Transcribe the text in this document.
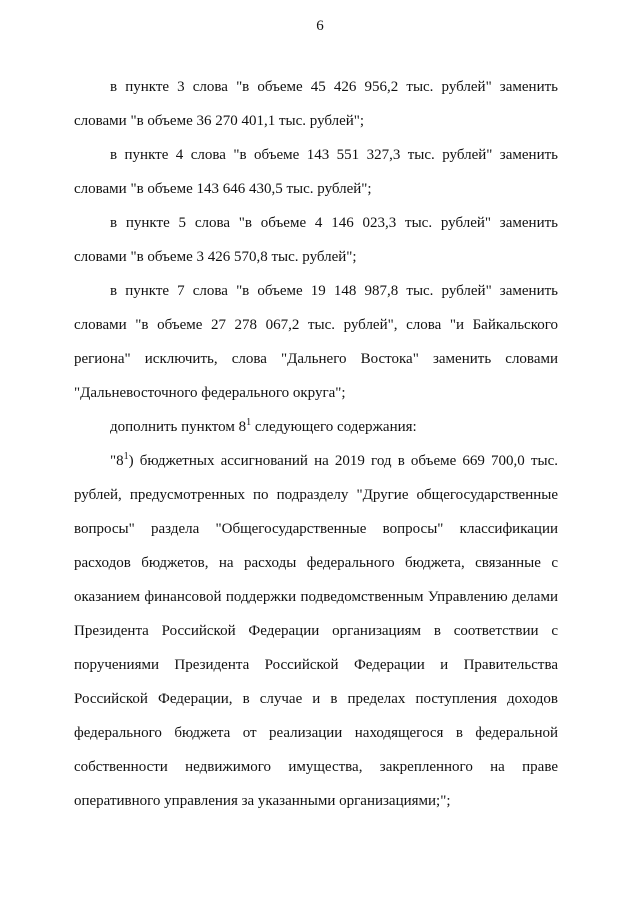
6
в пункте 3 слова "в объеме 45 426 956,2 тыс. рублей" заменить
словами "в объеме 36 270 401,1 тыс. рублей";
в пункте 4 слова "в объеме 143 551 327,3 тыс. рублей" заменить
словами "в объеме 143 646 430,5 тыс. рублей";
в пункте 5 слова "в объеме 4 146 023,3 тыс. рублей" заменить
словами "в объеме 3 426 570,8 тыс. рублей";
в пункте 7 слова "в объеме 19 148 987,8 тыс. рублей" заменить
словами "в объеме 27 278 067,2 тыс. рублей", слова "и Байкальского
региона" исключить, слова "Дальнего Востока" заменить словами
"Дальневосточного федерального округа";
дополнить пунктом $8^1$ следующего содержания:
"$8^1$) бюджетных ассигнований на 2019 год в объеме 669 700,0 тыс.
рублей, предусмотренных по подразделу "Другие общегосударственные
вопросы" раздела "Общегосударственные вопросы" классификации
расходов бюджетов, на расходы федерального бюджета, связанные с
оказанием финансовой поддержки подведомственным Управлению делами
Президента Российской Федерации организациям в соответствии с
поручениями Президента Российской Федерации и Правительства
Российской Федерации, в случае и в пределах поступления доходов
федерального бюджета от реализации находящегося в федеральной
собственности недвижимого имущества, закрепленного на праве
оперативного управления за указанными организациями;";
